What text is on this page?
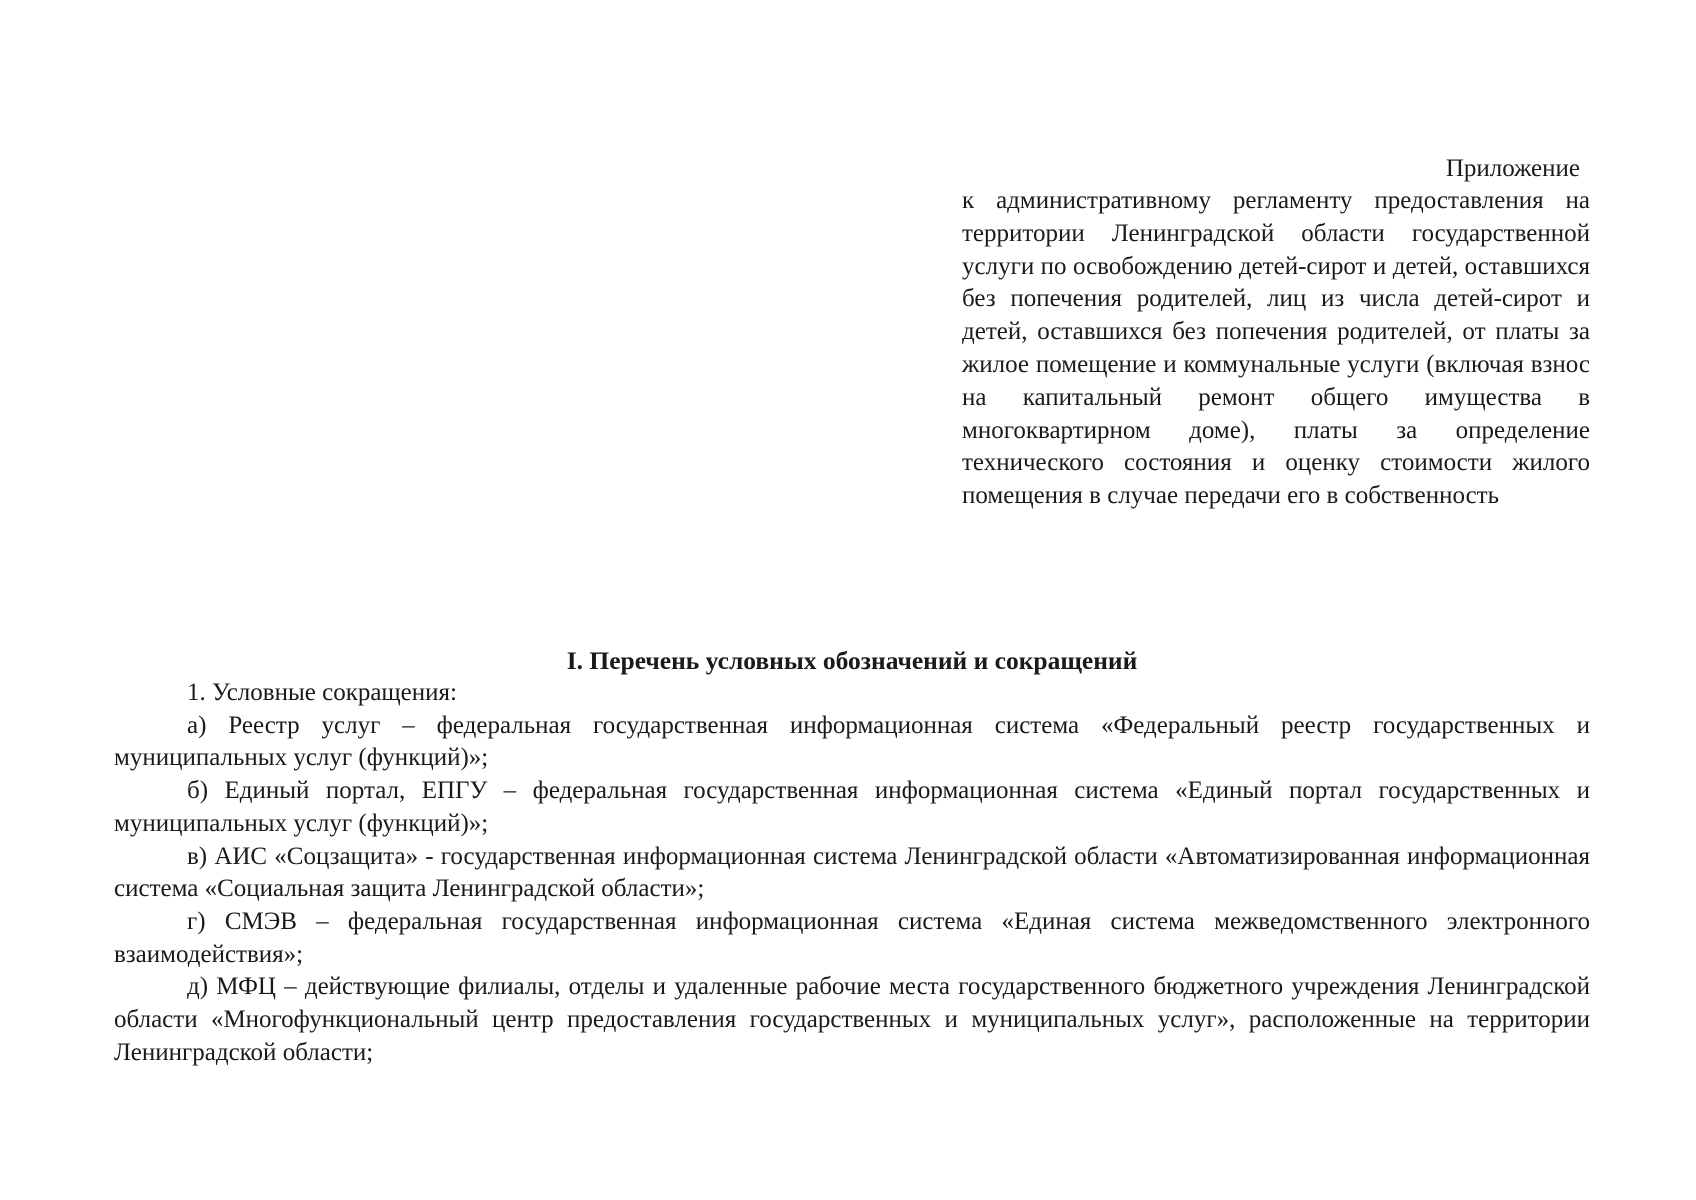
Приложение
к административному регламенту предоставления на территории Ленинградской области государственной услуги по освобождению детей-сирот и детей, оставшихся без попечения родителей, лиц из числа детей-сирот и детей, оставшихся без попечения родителей, от платы за жилое помещение и коммунальные услуги (включая взнос на капитальный ремонт общего имущества в многоквартирном доме), платы за определение технического состояния и оценку стоимости жилого помещения в случае передачи его в собственность
I. Перечень условных обозначений и сокращений

1. Условные сокращения:

а) Реестр услуг – федеральная государственная информационная система «Федеральный реестр государственных и муниципальных услуг (функций)»;

б) Единый портал, ЕПГУ – федеральная государственная информационная система «Единый портал государственных и муниципальных услуг (функций)»;

в) АИС «Соцзащита» - государственная информационная система Ленинградской области «Автоматизированная информационная система «Социальная защита Ленинградской области»;

г) СМЭВ – федеральная государственная информационная система «Единая система межведомственного электронного взаимодействия»;

д) МФЦ – действующие филиалы, отделы и удаленные рабочие места государственного бюджетного учреждения Ленинградской области «Многофункциональный центр предоставления государственных и муниципальных услуг», расположенные на территории Ленинградской области;
